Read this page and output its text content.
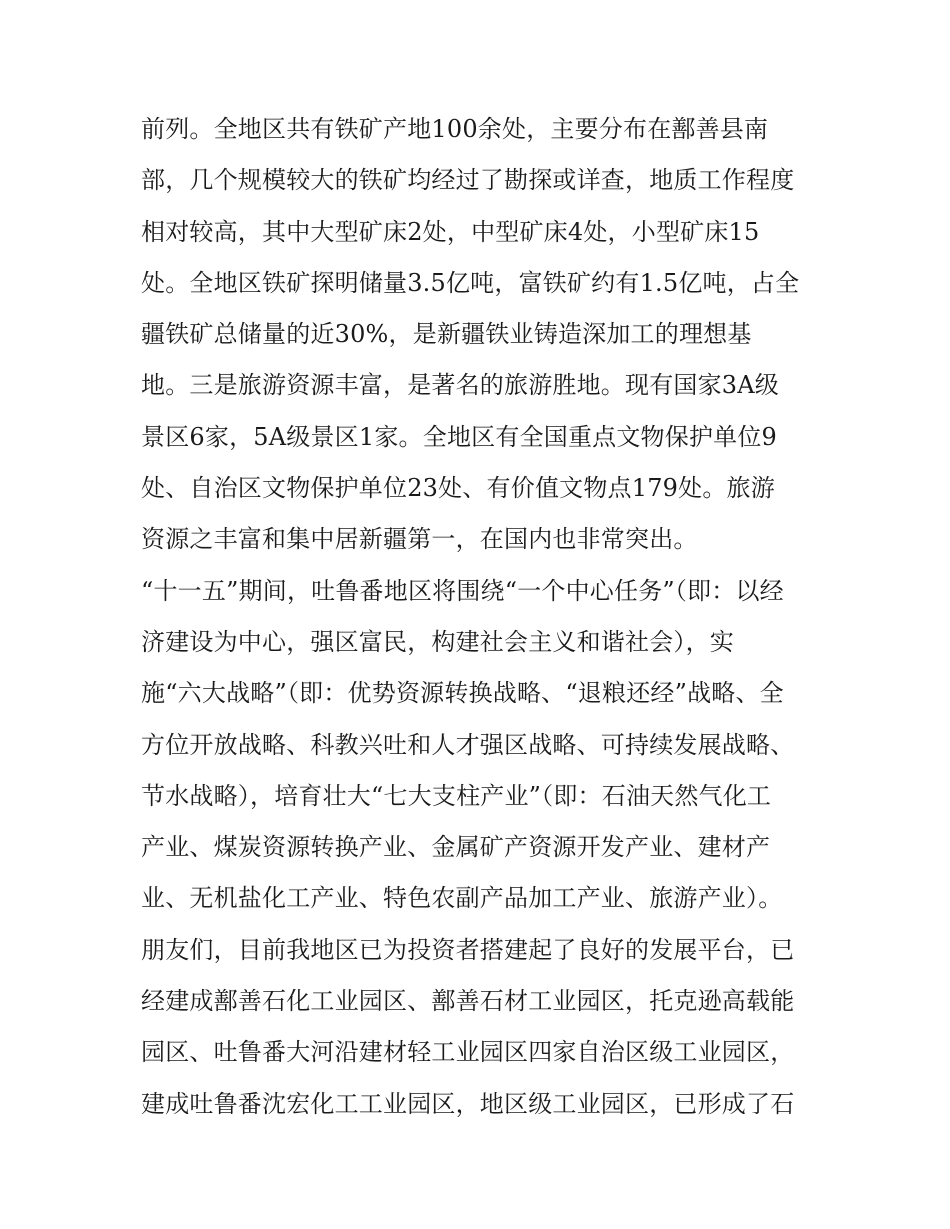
前列。全地区共有铁矿产地100余处，主要分布在鄯善县南
部，几个规模较大的铁矿均经过了勘探或详查，地质工作程度
相对较高，其中大型矿床2处，中型矿床4处，小型矿床15
处。全地区铁矿探明储量3.5亿吨，富铁矿约有1.5亿吨，占全
疆铁矿总储量的近30%，是新疆铁业铸造深加工的理想基
地。三是旅游资源丰富，是著名的旅游胜地。现有国家3A级
景区6家，5A级景区1家。全地区有全国重点文物保护单位9
处、自治区文物保护单位23处、有价值文物点179处。旅游
资源之丰富和集中居新疆第一，在国内也非常突出。
“十一五”期间，吐鲁番地区将围绕“一个中心任务”（即：以经
济建设为中心，强区富民，构建社会主义和谐社会），实
施“六大战略”（即：优势资源转换战略、“退粮还经”战略、全
方位开放战略、科教兴吐和人才强区战略、可持续发展战略、
节水战略），培育壮大“七大支柱产业”（即：石油天然气化工
产业、煤炭资源转换产业、金属矿产资源开发产业、建材产
业、无机盐化工产业、特色农副产品加工产业、旅游产业）。
朋友们，目前我地区已为投资者搭建起了良好的发展平台，已
经建成鄯善石化工业园区、鄯善石材工业园区，托克逊高载能
园区、吐鲁番大河沿建材轻工业园区四家自治区级工业园区，
建成吐鲁番沈宏化工工业园区，地区级工业园区，已形成了石
